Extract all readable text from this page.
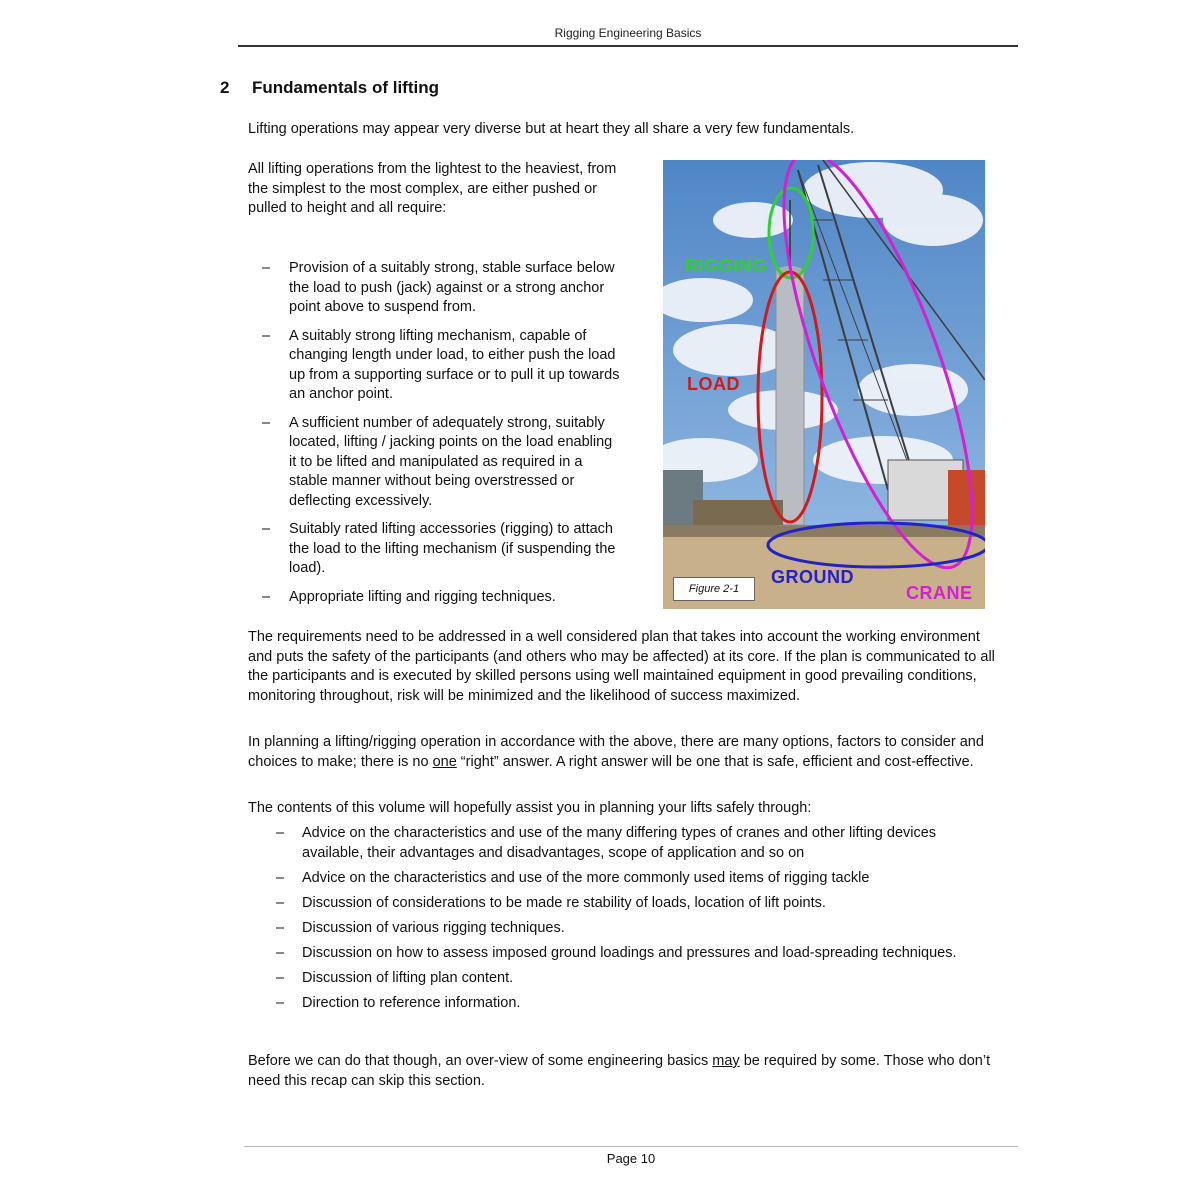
Rigging Engineering Basics
2 Fundamentals of lifting
Lifting operations may appear very diverse but at heart they all share a very few fundamentals.
All lifting operations from the lightest to the heaviest, from the simplest to the most complex, are either pushed or pulled to height and all require:
– Provision of a suitably strong, stable surface below the load to push (jack) against or a strong anchor point above to suspend from.
– A suitably strong lifting mechanism, capable of changing length under load, to either push the load up from a supporting surface or to pull it up towards an anchor point.
– A sufficient number of adequately strong, suitably located, lifting / jacking points on the load enabling it to be lifted and manipulated as required in a stable manner without being overstressed or deflecting excessively.
– Suitably rated lifting accessories (rigging) to attach the load to the lifting mechanism (if suspending the load).
– Appropriate lifting and rigging techniques.
RIGGING
LOAD
GROUND
CRANE
Figure 2-1
The requirements need to be addressed in a well considered plan that takes into account the working environment and puts the safety of the participants (and others who may be affected) at its core. If the plan is communicated to all the participants and is executed by skilled persons using well maintained equipment in good prevailing conditions, monitoring throughout, risk will be minimized and the likelihood of success maximized.
In planning a lifting/rigging operation in accordance with the above, there are many options, factors to consider and choices to make; there is no one “right” answer. A right answer will be one that is safe, efficient and cost-effective.
The contents of this volume will hopefully assist you in planning your lifts safely through:
– Advice on the characteristics and use of the many differing types of cranes and other lifting devices available, their advantages and disadvantages, scope of application and so on
– Advice on the characteristics and use of the more commonly used items of rigging tackle
– Discussion of considerations to be made re stability of loads, location of lift points.
– Discussion of various rigging techniques.
– Discussion on how to assess imposed ground loadings and pressures and load-spreading techniques.
– Discussion of lifting plan content.
– Direction to reference information.
Before we can do that though, an over-view of some engineering basics may be required by some. Those who don’t need this recap can skip this section.
Page 10
